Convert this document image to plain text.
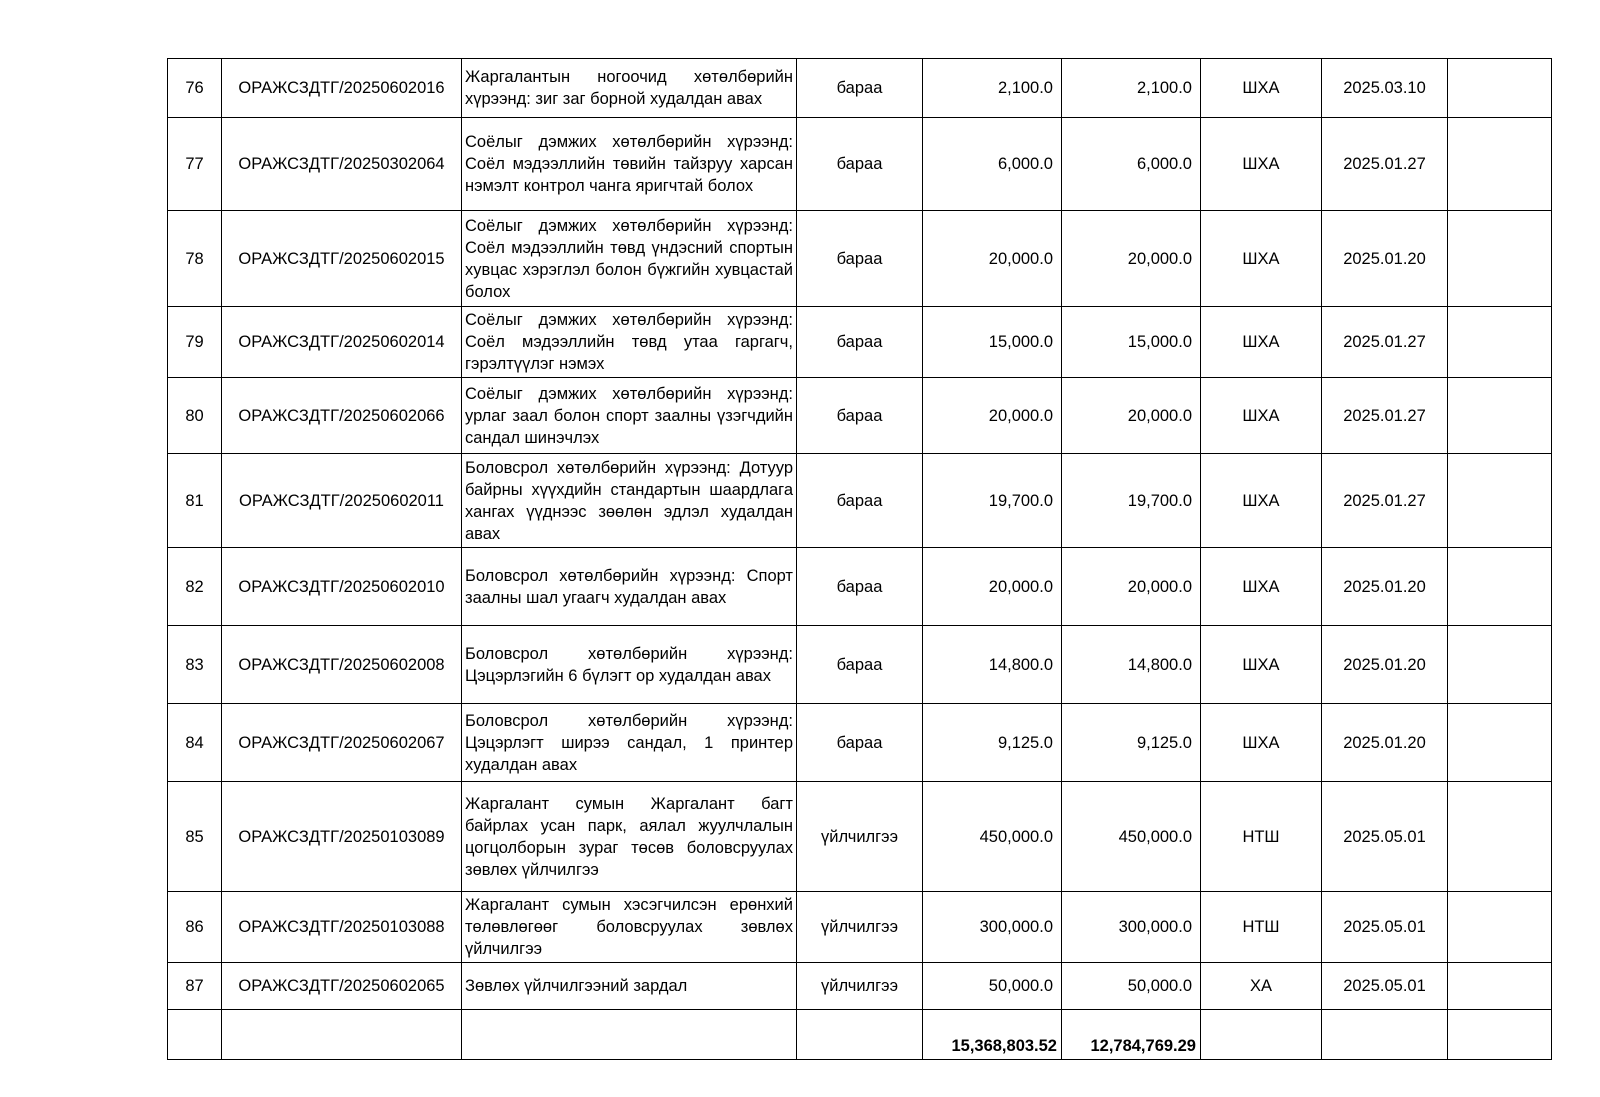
76	ОРАЖСЗДТГ/20250602016	Жаргалантын ногоочид хөтөлбөрийн хүрээнд: зиг заг борной худалдан авах	бараа	2,100.0	2,100.0	ШХА	2025.03.10	
77	ОРАЖСЗДТГ/20250302064	Соёлыг дэмжих хөтөлбөрийн хүрээнд: Соёл мэдээллийн төвийн тайзруу харсан нэмэлт контрол чанга яригчтай болох	бараа	6,000.0	6,000.0	ШХА	2025.01.27	
78	ОРАЖСЗДТГ/20250602015	Соёлыг дэмжих хөтөлбөрийн хүрээнд: Соёл мэдээллийн төвд үндэсний спортын хувцас хэрэглэл болон бүжгийн хувцастай болох	бараа	20,000.0	20,000.0	ШХА	2025.01.20	
79	ОРАЖСЗДТГ/20250602014	Соёлыг дэмжих хөтөлбөрийн хүрээнд: Соёл мэдээллийн төвд утаа гаргагч, гэрэлтүүлэг нэмэх	бараа	15,000.0	15,000.0	ШХА	2025.01.27	
80	ОРАЖСЗДТГ/20250602066	Соёлыг дэмжих хөтөлбөрийн хүрээнд: урлаг заал болон спорт заалны үзэгчдийн сандал шинэчлэх	бараа	20,000.0	20,000.0	ШХА	2025.01.27	
81	ОРАЖСЗДТГ/20250602011	Боловсрол хөтөлбөрийн хүрээнд: Дотуур байрны хүүхдийн стандартын шаардлага хангах үүднээс зөөлөн эдлэл худалдан авах	бараа	19,700.0	19,700.0	ШХА	2025.01.27	
82	ОРАЖСЗДТГ/20250602010	Боловсрол хөтөлбөрийн хүрээнд: Спорт заалны шал угаагч худалдан авах	бараа	20,000.0	20,000.0	ШХА	2025.01.20	
83	ОРАЖСЗДТГ/20250602008	Боловсрол хөтөлбөрийн хүрээнд: Цэцэрлэгийн 6 бүлэгт ор худалдан авах	бараа	14,800.0	14,800.0	ШХА	2025.01.20	
84	ОРАЖСЗДТГ/20250602067	Боловсрол хөтөлбөрийн хүрээнд: Цэцэрлэгт ширээ сандал, 1 принтер худалдан авах	бараа	9,125.0	9,125.0	ШХА	2025.01.20	
85	ОРАЖСЗДТГ/20250103089	Жаргалант сумын Жаргалант багт байрлах усан парк, аялал жуулчлалын цогцолборын зураг төсөв боловсруулах зөвлөх үйлчилгээ	үйлчилгээ	450,000.0	450,000.0	НТШ	2025.05.01	
86	ОРАЖСЗДТГ/20250103088	Жаргалант сумын хэсэгчилсэн ерөнхий төлөвлөгөөг боловсруулах зөвлөх үйлчилгээ	үйлчилгээ	300,000.0	300,000.0	НТШ	2025.05.01	
87	ОРАЖСЗДТГ/20250602065	Зөвлөх үйлчилгээний зардал	үйлчилгээ	50,000.0	50,000.0	ХА	2025.05.01	
				15,368,803.52	12,784,769.29			
